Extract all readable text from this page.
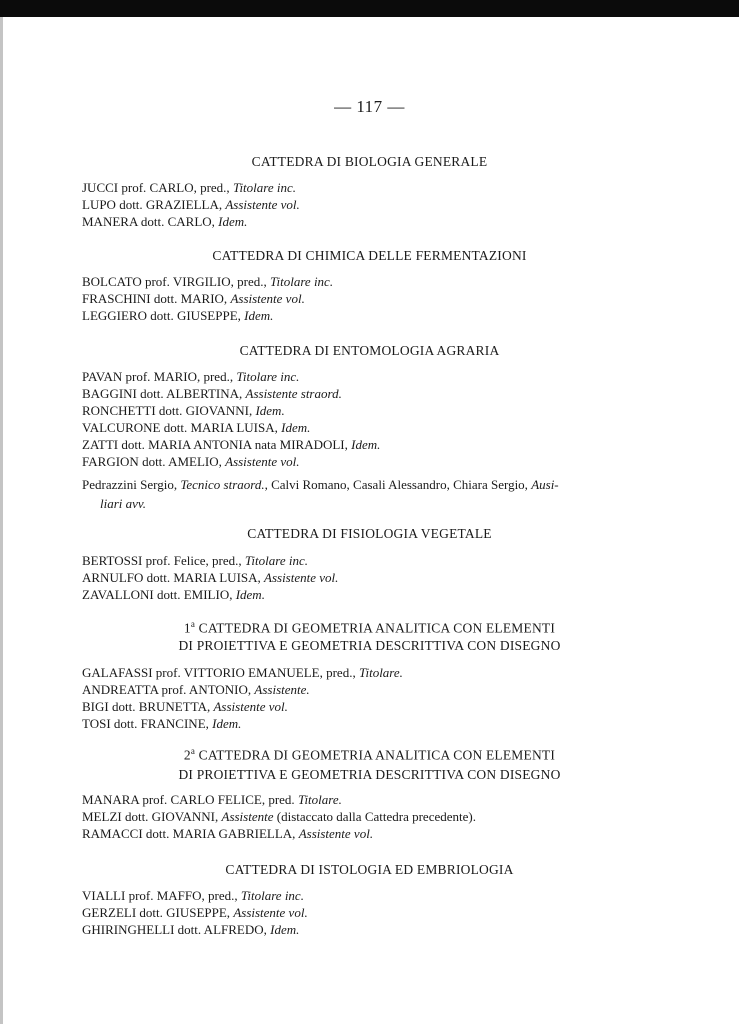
— 117 —
CATTEDRA DI BIOLOGIA GENERALE
JUCCI prof. CARLO, pred., Titolare inc.
LUPO dott. GRAZIELLA, Assistente vol.
MANERA dott. CARLO, Idem.
CATTEDRA DI CHIMICA DELLE FERMENTAZIONI
BOLCATO prof. VIRGILIO, pred., Titolare inc.
FRASCHINI dott. MARIO, Assistente vol.
LEGGIERO dott. GIUSEPPE, Idem.
CATTEDRA DI ENTOMOLOGIA AGRARIA
PAVAN prof. MARIO, pred., Titolare inc.
BAGGINI dott. ALBERTINA, Assistente straord.
RONCHETTI dott. GIOVANNI, Idem.
VALCURONE dott. MARIA LUISA, Idem.
ZATTI dott. MARIA ANTONIA nata MIRADOLI, Idem.
FARGION dott. AMELIO, Assistente vol.
Pedrazzini Sergio, Tecnico straord., Calvi Romano, Casali Alessandro, Chiara Sergio, Ausi-
liari avv.
CATTEDRA DI FISIOLOGIA VEGETALE
BERTOSSI prof. Felice, pred., Titolare inc.
ARNULFO dott. MARIA LUISA, Assistente vol.
ZAVALLONI dott. EMILIO, Idem.
1$^a$ CATTEDRA DI GEOMETRIA ANALITICA CON ELEMENTI
DI PROIETTIVA E GEOMETRIA DESCRITTIVA CON DISEGNO
GALAFASSI prof. VITTORIO EMANUELE, pred., Titolare.
ANDREATTA prof. ANTONIO, Assistente.
BIGI dott. BRUNETTA, Assistente vol.
TOSI dott. FRANCINE, Idem.
2$^a$ CATTEDRA DI GEOMETRIA ANALITICA CON ELEMENTI
DI PROIETTIVA E GEOMETRIA DESCRITTIVA CON DISEGNO
MANARA prof. CARLO FELICE, pred. Titolare.
MELZI dott. GIOVANNI, Assistente (distaccato dalla Cattedra precedente).
RAMACCI dott. MARIA GABRIELLA, Assistente vol.
CATTEDRA DI ISTOLOGIA ED EMBRIOLOGIA
VIALLI prof. MAFFO, pred., Titolare inc.
GERZELI dott. GIUSEPPE, Assistente vol.
GHIRINGHELLI dott. ALFREDO, Idem.
